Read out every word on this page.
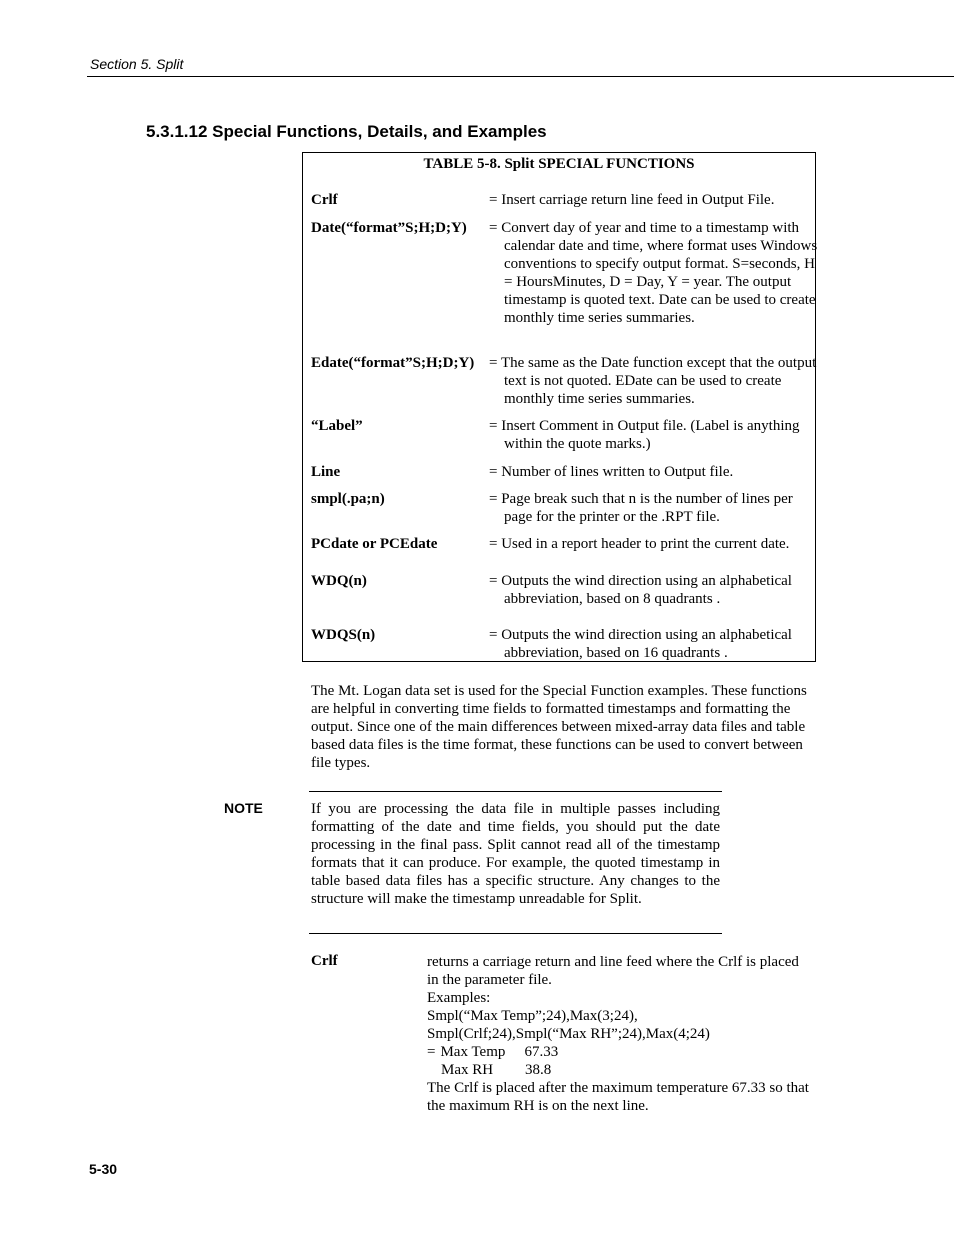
Section 5. Split
5.3.1.12 Special Functions, Details, and Examples
TABLE 5-8. Split SPECIAL FUNCTIONS
Crlf	= Insert carriage return line feed in Output File.
Date(“format”S;H;D;Y) = Convert day of year and time to a timestamp with calendar date and time, where format uses Windows conventions to specify output format. S=seconds, H = HoursMinutes, D = Day, Y = year. The output timestamp is quoted text. Date can be used to create monthly time series summaries.
Edate(“format”S;H;D;Y) = The same as the Date function except that the output text is not quoted. EDate can be used to create monthly time series summaries.
“Label”	= Insert Comment in Output file. (Label is anything within the quote marks.)
Line	= Number of lines written to Output file.
smpl(.pa;n)	= Page break such that n is the number of lines per page for the printer or the .RPT file.
PCdate or PCEdate	= Used in a report header to print the current date.
WDQ(n)	= Outputs the wind direction using an alphabetical abbreviation, based on 8 quadrants .
WDQS(n)	= Outputs the wind direction using an alphabetical abbreviation, based on 16 quadrants .
The Mt. Logan data set is used for the Special Function examples. These functions are helpful in converting time fields to formatted timestamps and formatting the output. Since one of the main differences between mixed-array data files and table based data files is the time format, these functions can be used to convert between file types.
NOTE	If you are processing the data file in multiple passes including formatting of the date and time fields, you should put the date processing in the final pass. Split cannot read all of the timestamp formats that it can produce. For example, the quoted timestamp in table based data files has a specific structure. Any changes to the structure will make the timestamp unreadable for Split.
Crlf	returns a carriage return and line feed where the Crlf is placed in the parameter file.
Examples:
Smpl(“Max Temp”;24),Max(3;24),
Smpl(Crlf;24),Smpl(“Max RH”;24),Max(4;24)
= Max Temp 67.33
Max RH 38.8
The Crlf is placed after the maximum temperature 67.33 so that the maximum RH is on the next line.
5-30
